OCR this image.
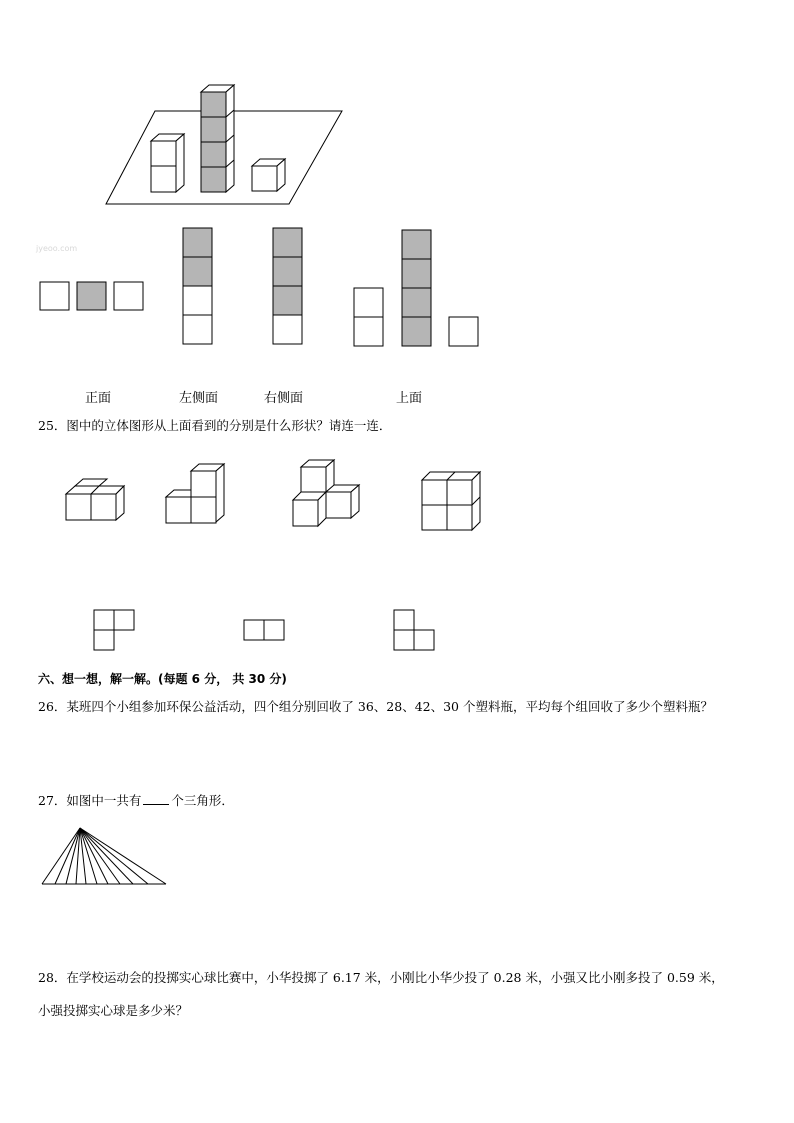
jyeoo.com
正面	左侧面	右侧面	上面
25．图中的立体图形从上面看到的分别是什么形状？请连一连．
六、想一想，解一解。(每题 6 分， 共 30 分)
26．某班四个小组参加环保公益活动，四个组分别回收了 36、28、42、30 个塑料瓶，平均每个组回收了多少个塑料瓶？
27．如图中一共有 个三角形．
28．在学校运动会的投掷实心球比赛中，小华投掷了 6.17 米，小刚比小华少投了 0.28 米，小强又比小刚多投了 0.59 米，
小强投掷实心球是多少米？
